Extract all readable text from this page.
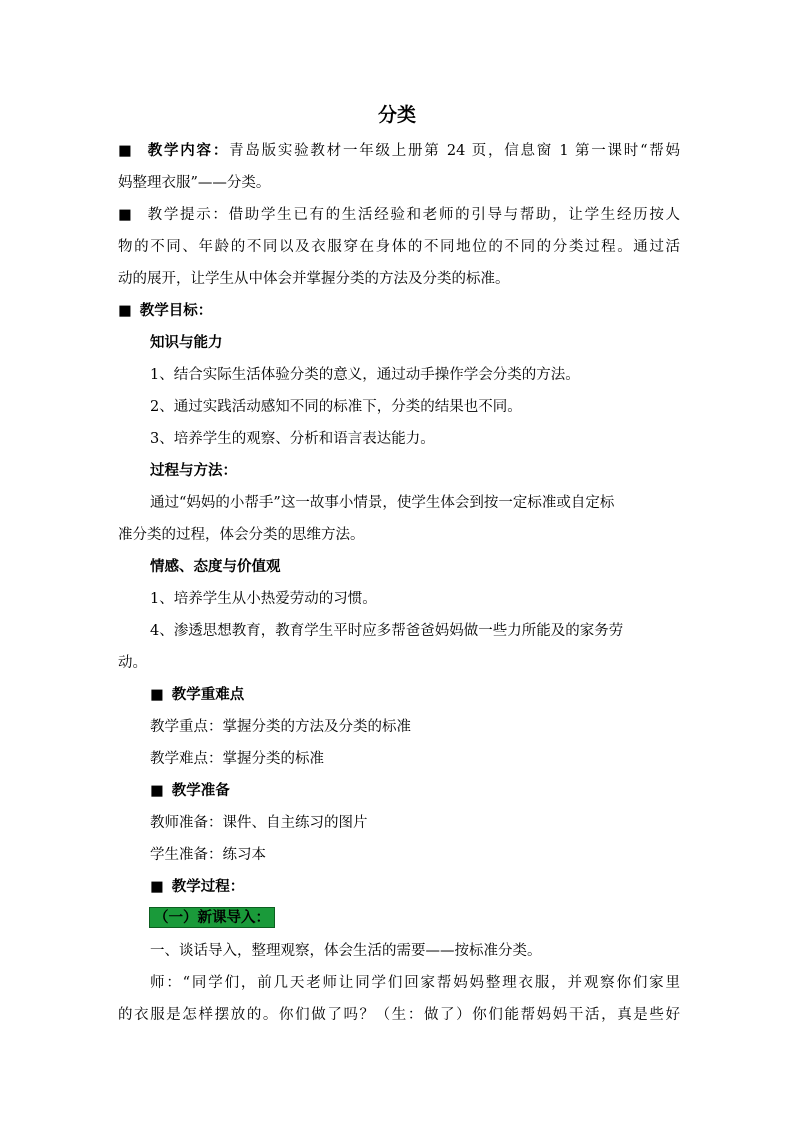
分类
■ 教学内容：青岛版实验教材一年级上册第 24 页，信息窗 1 第一课时“帮妈
妈整理衣服”——分类。
■ 教学提示：借助学生已有的生活经验和老师的引导与帮助，让学生经历按人
物的不同、年龄的不同以及衣服穿在身体的不同地位的不同的分类过程。通过活
动的展开，让学生从中体会并掌握分类的方法及分类的标准。
■ 教学目标：
知识与能力
1、结合实际生活体验分类的意义，通过动手操作学会分类的方法。
2、通过实践活动感知不同的标准下，分类的结果也不同。
3、培养学生的观察、分析和语言表达能力。
过程与方法：
通过“妈妈的小帮手”这一故事小情景，使学生体会到按一定标准或自定标
准分类的过程，体会分类的思维方法。
情感、态度与价值观
1、培养学生从小热爱劳动的习惯。
4、渗透思想教育，教育学生平时应多帮爸爸妈妈做一些力所能及的家务劳
动。
■ 教学重难点
教学重点：掌握分类的方法及分类的标准
教学难点：掌握分类的标准
■ 教学准备
教师准备：课件、自主练习的图片
学生准备：练习本
■ 教学过程：
（一）新课导入：
一、谈话导入，整理观察，体会生活的需要——按标准分类。
师：“同学们，前几天老师让同学们回家帮妈妈整理衣服，并观察你们家里
的衣服是怎样摆放的。你们做了吗？（生：做了）你们能帮妈妈干活，真是些好
